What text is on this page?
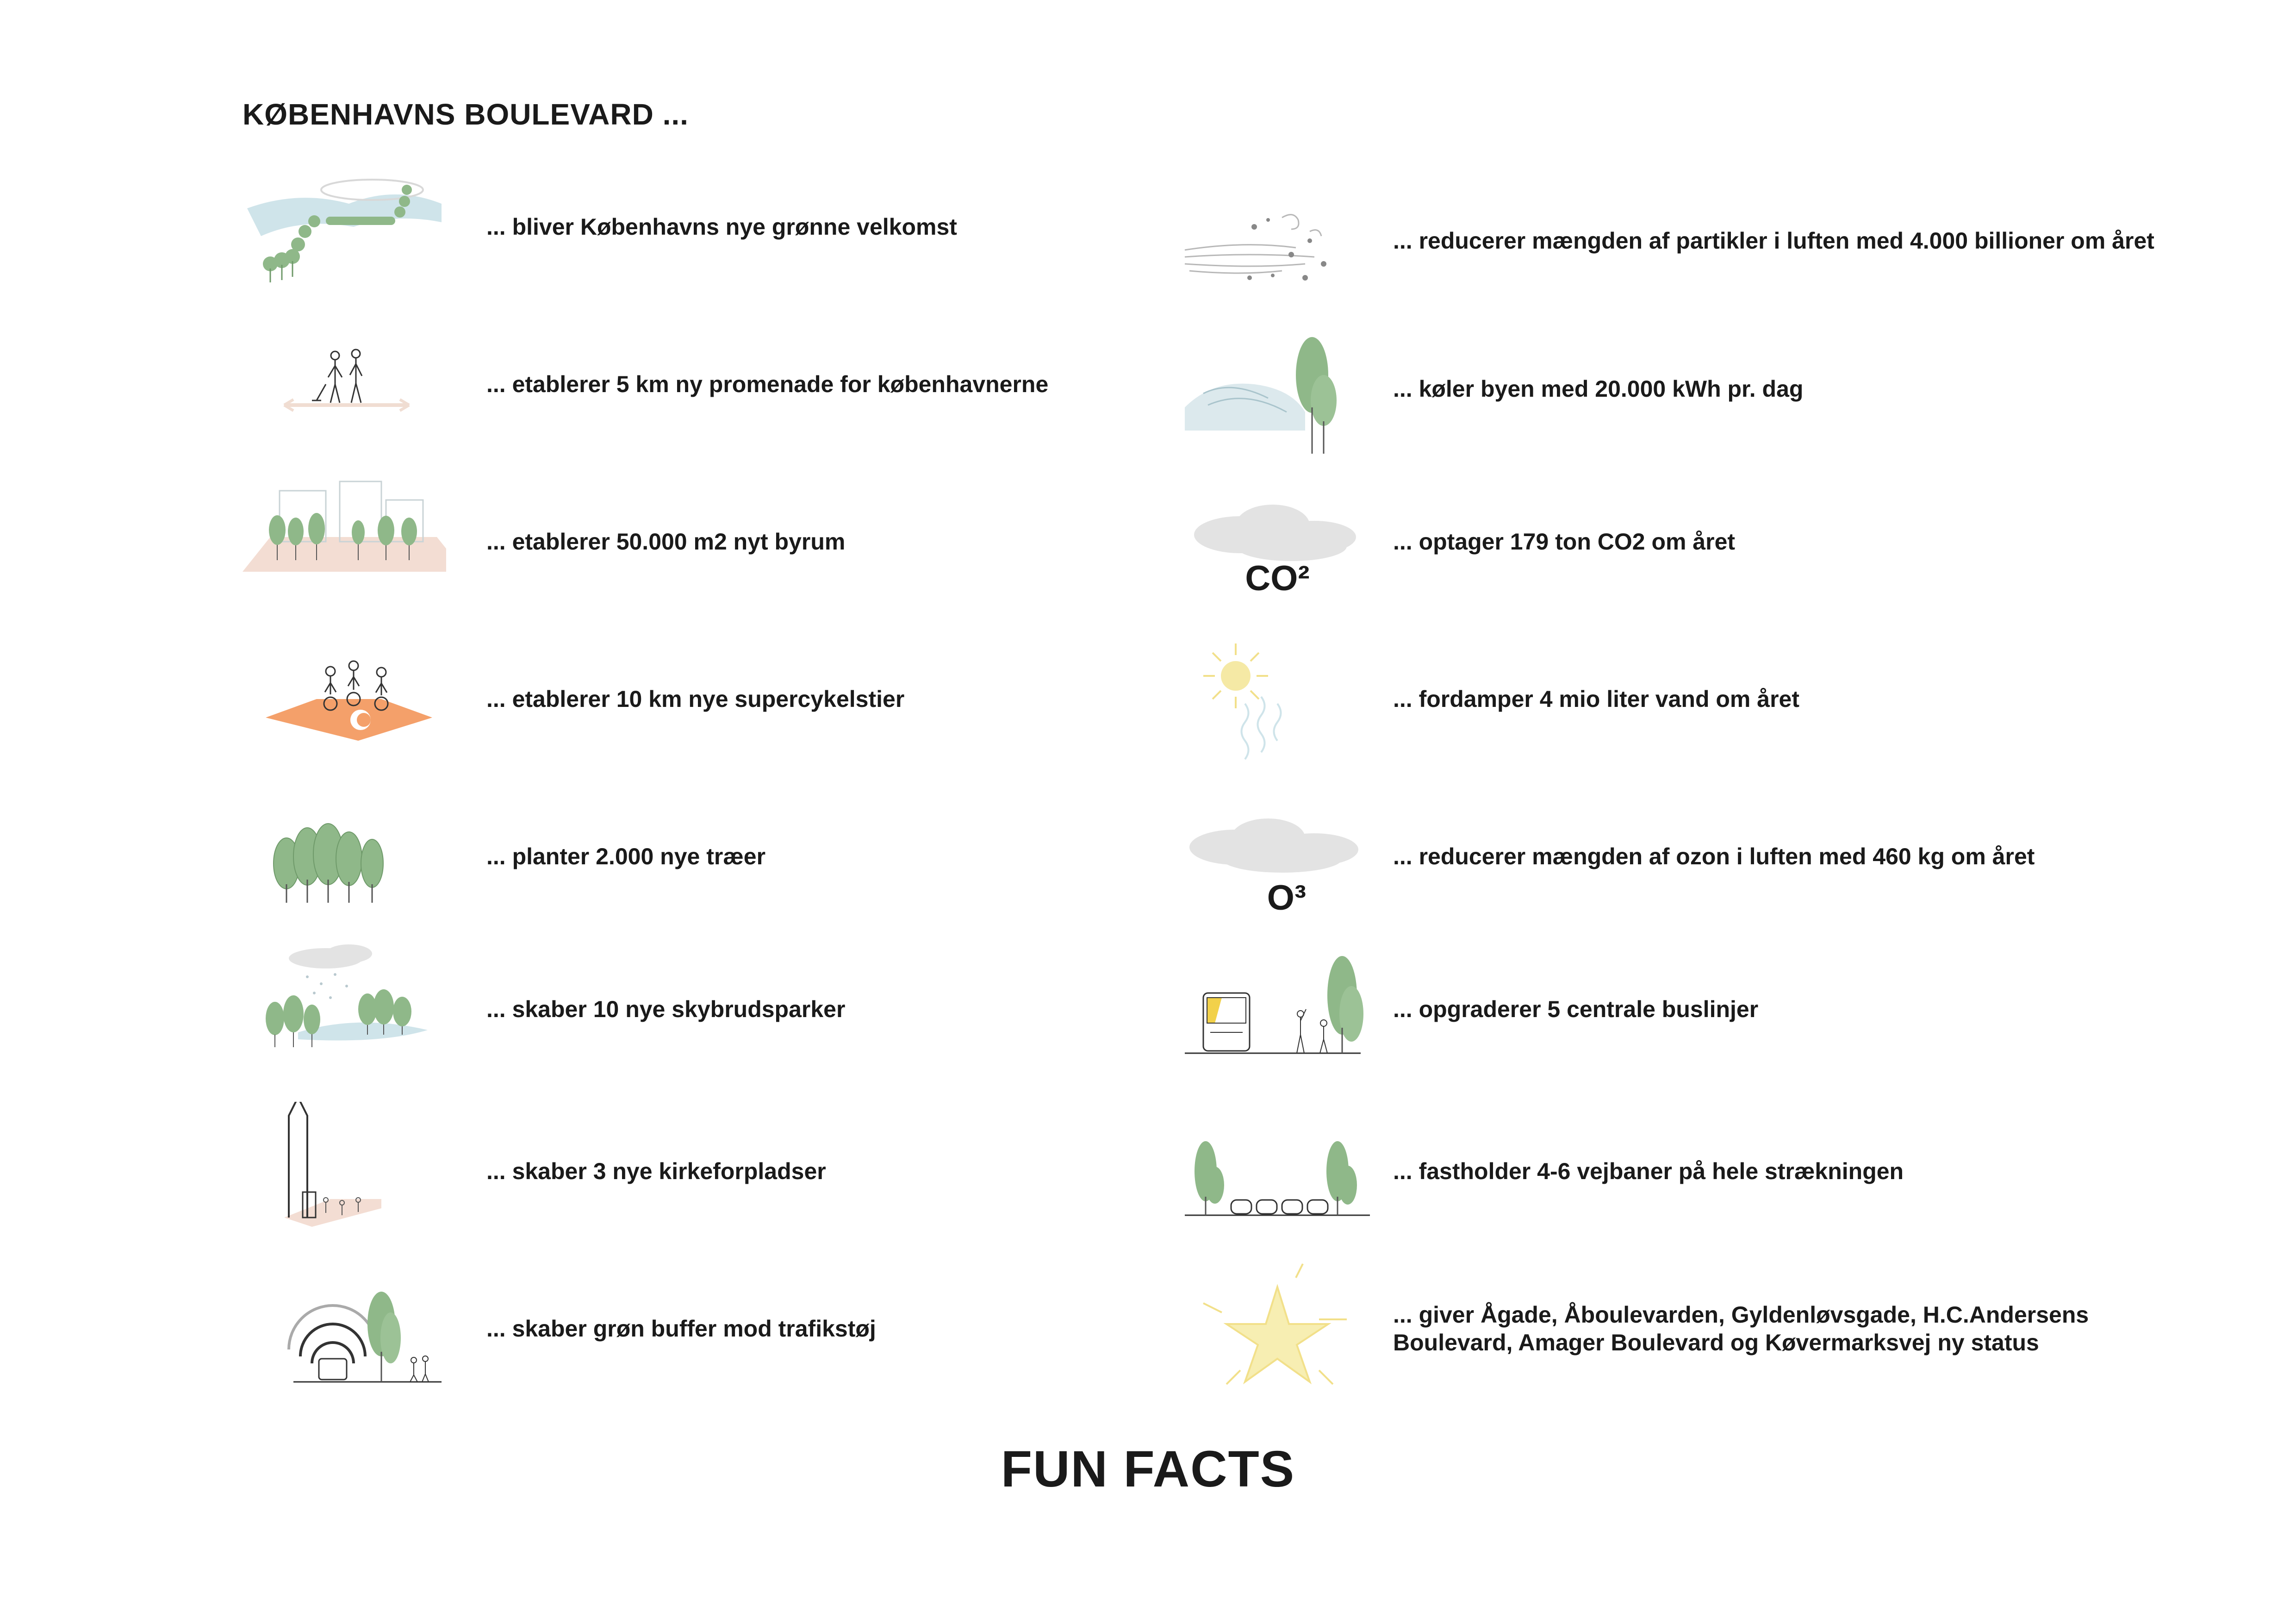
KØBENHAVNS BOULEVARD ...
... bliver Københavns nye grønne velkomst
... etablerer 5 km ny promenade for københavnerne
... etablerer 50.000 m2 nyt byrum
... etablerer 10 km nye supercykelstier
... planter 2.000 nye træer
... skaber 10 nye skybrudsparker
... skaber 3 nye kirkeforpladser
... skaber grøn buffer mod trafikstøj
... reducerer mængden af partikler i luften med 4.000 billioner om året
... køler byen med 20.000 kWh pr. dag
CO²
... optager 179 ton CO2 om året
... fordamper 4 mio liter vand om året
O³
... reducerer mængden af ozon i luften med 460 kg om året
... opgraderer 5 centrale buslinjer
... fastholder 4-6 vejbaner på hele strækningen
... giver Ågade, Åboulevarden, Gyldenløvsgade, H.C.Andersens Boulevard, Amager Boulevard og Køvermarksvej ny status
FUN FACTS
